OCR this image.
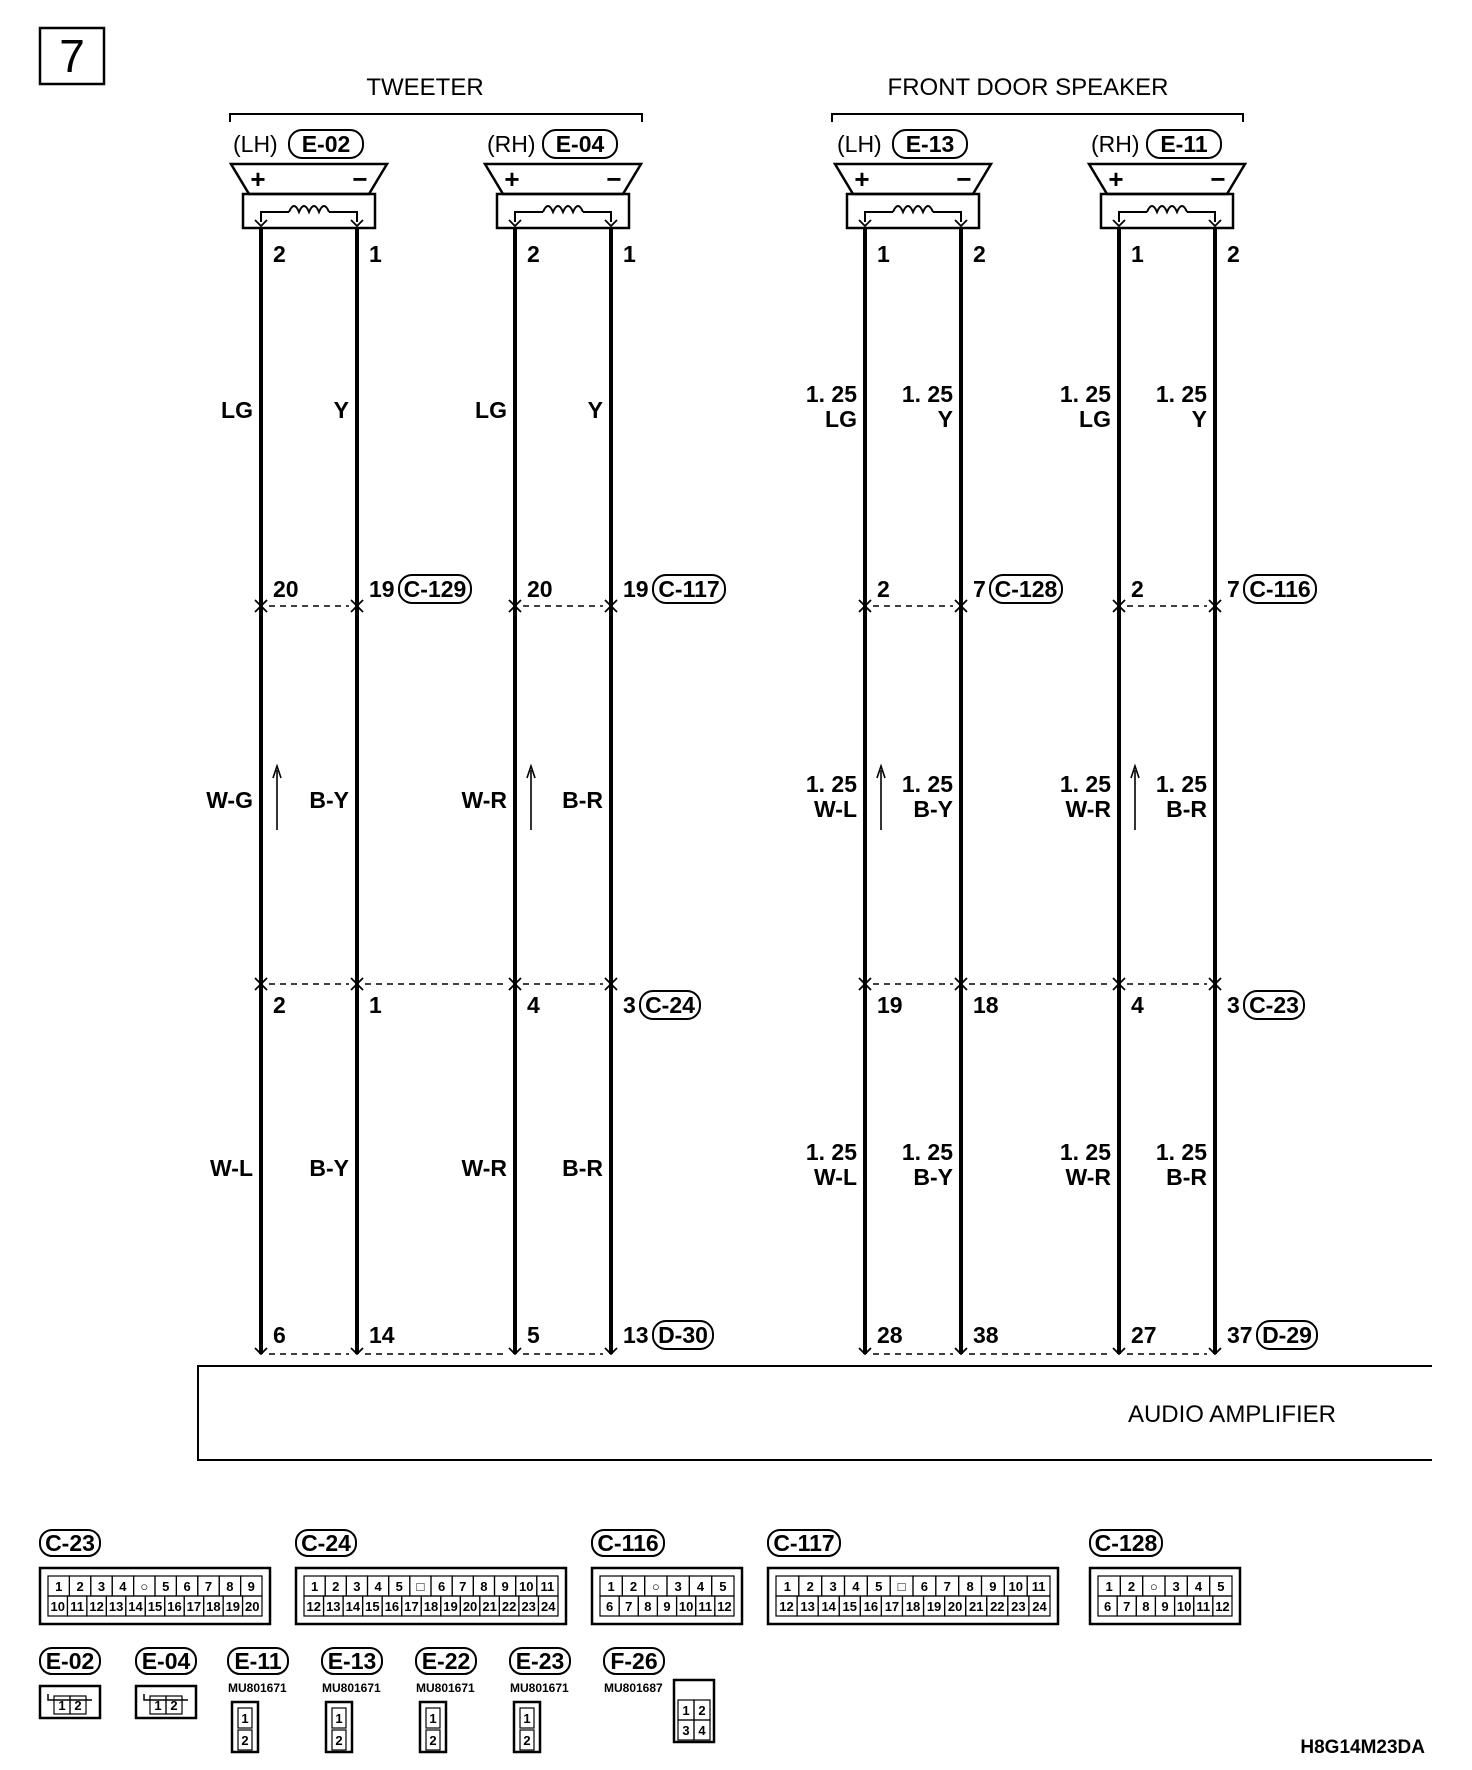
7
TWEETER	FRONT DOOR SPEAKER
(LH) E-02
+	−
2	1
(RH) E-04
+	−
2	1
(LH) E-13
+	−
1	2
(RH) E-11
+	−
1	2
LG	Y	LG	Y
1. 25
LG
1. 25
Y
1. 25
LG
1. 25
Y
W-G B-Y	W-R B-R
1. 25
W-L
1. 25
B-Y
1. 25
W-R
1. 25
B-R
W-L B-Y	W-R B-R
1. 25
W-L
1. 25
B-Y
1. 25
W-R
1. 25
B-R
20	19 C-129	20	19 C-117	2	7 C-128	2	7 C-116
2	1	4	3 C-24	19	18	4	3 C-23
6	14	5	13 D-30	28	38	27	37 D-29
AUDIO AMPLIFIER
C-23
1 2 3 4 ○ 5 6 7 8 9
10 11 12 13 14 15 16 17 18 19 20
C-24
1 2 3 4 5 □ 6 7 8 9 10 11
12 13 14 15 16 17 18 19 20 21 22 23 24
C-116
1 2 ○ 3 4 5
6 7 8 9 10 11 12
C-117
1 2 3 4 5 □ 6 7 8 9 10 11
12 13 14 15 16 17 18 19 20 21 22 23 24
C-128
1 2 ○ 3 4 5
6 7 8 9 10 11 12
E-02
1 2
E-04
1 2
E-11
MU801671
1
2
E-13
MU801671
1
2
E-22
MU801671
1
2
E-23
MU801671
1
2
F-26
MU801687
1 2
3 4
H8G14M23DA
